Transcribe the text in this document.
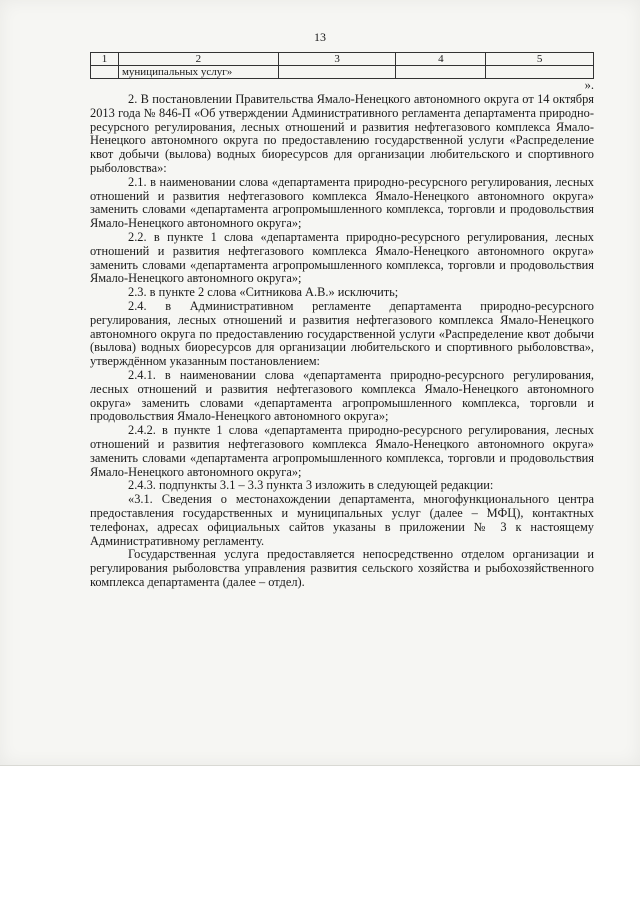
13
1	2	3	4	5
	муниципальных услуг»			
».

2. В постановлении Правительства Ямало-Ненецкого автономного округа от 14 октября 2013 года № 846-П «Об утверждении Административного регламента департамента природно-ресурсного регулирования, лесных отношений и развития нефтегазового комплекса Ямало-Ненецкого автономного округа по предоставлению государственной услуги «Распределение квот добычи (вылова) водных биоресурсов для организации любительского и спортивного рыболовства»:

2.1. в наименовании слова «департамента природно-ресурсного регулирования, лесных отношений и развития нефтегазового комплекса Ямало-Ненецкого автономного округа» заменить словами «департамента агропромышленного комплекса, торговли и продовольствия Ямало-Ненецкого автономного округа»;

2.2. в пункте 1 слова «департамента природно-ресурсного регулирования, лесных отношений и развития нефтегазового комплекса Ямало-Ненецкого автономного округа» заменить словами «департамента агропромышленного комплекса, торговли и продовольствия Ямало-Ненецкого автономного округа»;

2.3. в пункте 2 слова «Ситникова А.В.» исключить;

2.4. в Административном регламенте департамента природно-ресурсного регулирования, лесных отношений и развития нефтегазового комплекса Ямало-Ненецкого автономного округа по предоставлению государственной услуги «Распределение квот добычи (вылова) водных биоресурсов для организации любительского и спортивного рыболовства», утверждённом указанным постановлением:

2.4.1. в наименовании слова «департамента природно-ресурсного регулирования, лесных отношений и развития нефтегазового комплекса Ямало-Ненецкого автономного округа» заменить словами «департамента агропромышленного комплекса, торговли и продовольствия Ямало-Ненецкого автономного округа»;

2.4.2. в пункте 1 слова «департамента природно-ресурсного регулирования, лесных отношений и развития нефтегазового комплекса Ямало-Ненецкого автономного округа» заменить словами «департамента агропромышленного комплекса, торговли и продовольствия Ямало-Ненецкого автономного округа»;

2.4.3. подпункты 3.1 – 3.3 пункта 3 изложить в следующей редакции:

«3.1. Сведения о местонахождении департамента, многофункционального центра предоставления государственных и муниципальных услуг (далее – МФЦ), контактных телефонах, адресах официальных сайтов указаны в приложении № 3 к настоящему Административному регламенту.

Государственная услуга предоставляется непосредственно отделом организации и регулирования рыболовства управления развития сельского хозяйства и рыбохозяйственного комплекса департамента (далее – отдел).
